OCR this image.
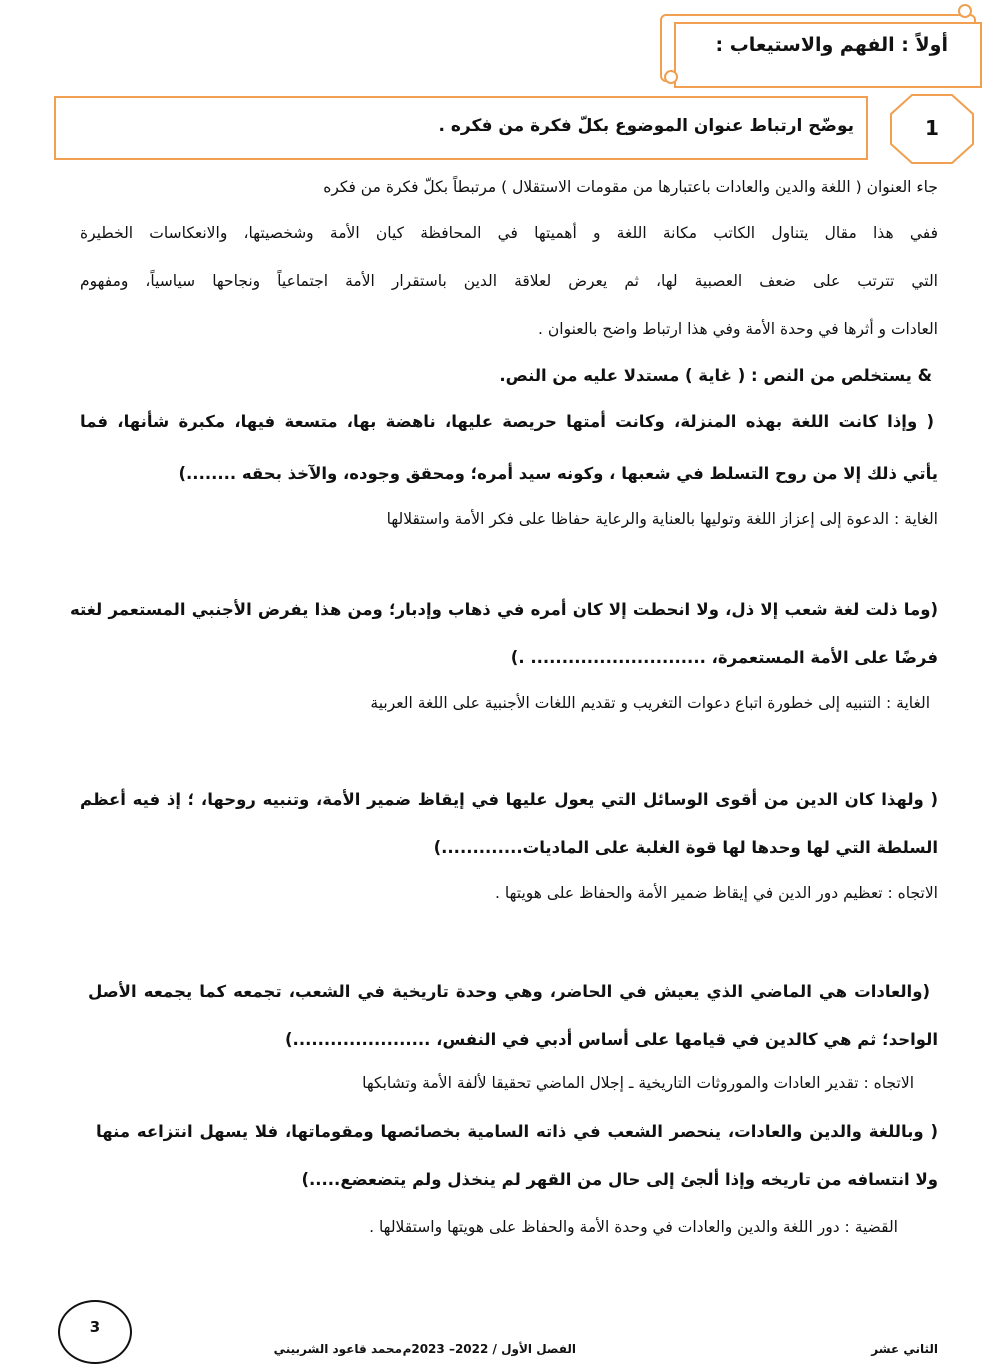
أولاً : الفهم والاستيعاب :
يوضّح ارتباط عنوان الموضوع بكلّ فكرة من فكره .	1
جاء العنوان ( اللغة والدين والعادات باعتبارها من مقومات الاستقلال ) مرتبطاً بكلّ فكرة من فكره
ففي هذا مقال يتناول الكاتب مكانة اللغة و أهميتها في المحافظة كيان الأمة وشخصيتها، والانعكاسات الخطيرة
التي تترتب على ضعف العصبية لها، ثم يعرض لعلاقة الدين باستقرار الأمة اجتماعياً ونجاحها سياسياً، ومفهوم
العادات و أثرها في وحدة الأمة وفي هذا ارتباط واضح بالعنوان .
& يستخلص من النص : ( غاية ) مستدلا عليه من النص.
( وإذا كانت اللغة بهذه المنزلة، وكانت أمتها حريصة عليها، ناهضة بها، متسعة فيها، مكبرة شأنها، فما
يأتي ذلك إلا من روح التسلط في شعبها ، وكونه سيد أمره؛ ومحقق وجوده، والآخذ بحقه ........)
الغاية : الدعوة إلى إعزاز اللغة وتوليها بالعناية والرعاية حفاظا على فكر الأمة واستقلالها
(وما ذلت لغة شعب إلا ذل، ولا انحطت إلا كان أمره في ذهاب وإدبار؛ ومن هذا يفرض الأجنبي المستعمر لغته
فرضًا على الأمة المستعمرة، ............................ .)
الغاية : التنبيه إلى خطورة اتباع دعوات التغريب و تقديم اللغات الأجنبية على اللغة العربية
( ولهذا كان الدين من أقوى الوسائل التي يعول عليها في إيقاظ ضمير الأمة، وتنبيه روحها، ؛ إذ فيه أعظم
السلطة التي لها وحدها لها قوة الغلبة على الماديات.............)
الاتجاه : تعظيم دور الدين في إيقاظ ضمير الأمة والحفاظ على هويتها .
(والعادات هي الماضي الذي يعيش في الحاضر، وهي وحدة تاريخية في الشعب، تجمعه كما يجمعه الأصل
الواحد؛ ثم هي كالدين في قيامها على أساس أدبي في النفس، ......................)
الاتجاه : تقدير العادات والموروثات التاريخية ـ إجلال الماضي تحقيقا لألفة الأمة وتشابكها
( وباللغة والدين والعادات، ينحصر الشعب في ذاته السامية بخصائصها ومقوماتها، فلا يسهل انتزاعه منها
ولا انتسافه من تاريخه وإذا ألجئ إلى حال من القهر لم ينخذل ولم يتضعضع.....)
القضية : دور اللغة والدين والعادات في وحدة الأمة والحفاظ على هويتها واستقلالها .
3
الثاني عشر
الفصل الأول / 2022– 2023م
محمد قاعود الشربيني
